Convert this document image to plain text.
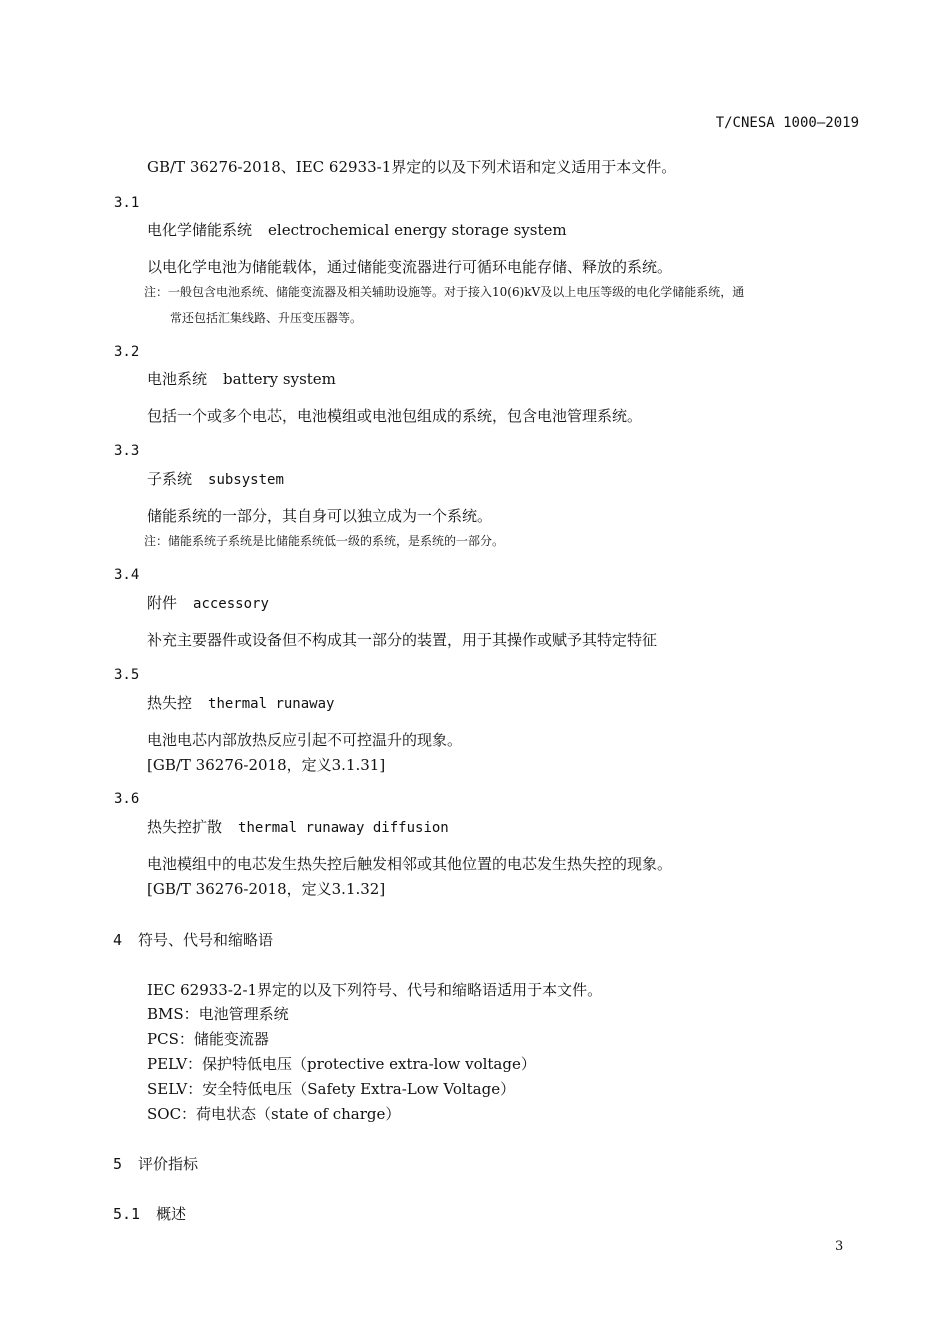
T/CNESA 1000—2019
GB/T 36276-2018、IEC 62933-1界定的以及下列术语和定义适用于本文件。
3.1
电化学储能系统 electrochemical energy storage system
以电化学电池为储能载体，通过储能变流器进行可循环电能存储、释放的系统。
注：一般包含电池系统、储能变流器及相关辅助设施等。对于接入10(6)kV及以上电压等级的电化学储能系统，通
常还包括汇集线路、升压变压器等。
3.2
电池系统 battery system
包括一个或多个电芯，电池模组或电池包组成的系统，包含电池管理系统。
3.3
子系统 subsystem
储能系统的一部分，其自身可以独立成为一个系统。
注：储能系统子系统是比储能系统低一级的系统，是系统的一部分。
3.4
附件 accessory
补充主要器件或设备但不构成其一部分的装置，用于其操作或赋予其特定特征
3.5
热失控 thermal runaway
电池电芯内部放热反应引起不可控温升的现象。
[GB/T 36276-2018，定义3.1.31]
3.6
热失控扩散 thermal runaway diffusion
电池模组中的电芯发生热失控后触发相邻或其他位置的电芯发生热失控的现象。
[GB/T 36276-2018，定义3.1.32]
4 符号、代号和缩略语
IEC 62933-2-1界定的以及下列符号、代号和缩略语适用于本文件。
BMS：电池管理系统
PCS：储能变流器
PELV：保护特低电压（protective extra-low voltage）
SELV：安全特低电压（Safety Extra-Low Voltage）
SOC：荷电状态（state of charge）
5 评价指标
5.1 概述
3
